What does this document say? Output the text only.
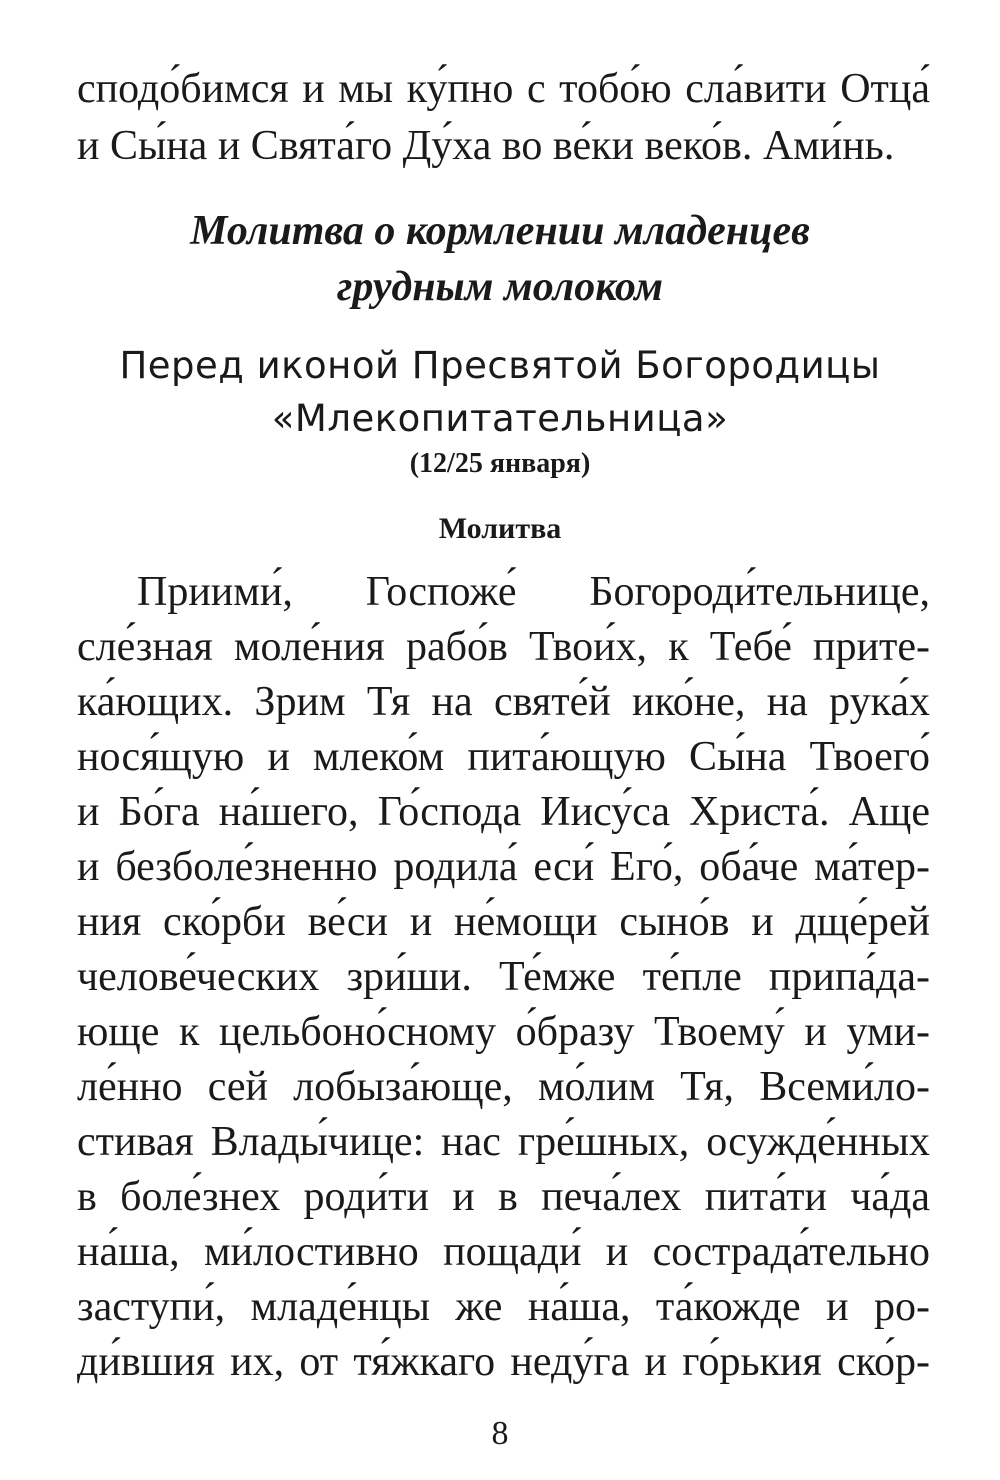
сподо́бимся и мы ку́пно с тобо́ю сла́вити Отца́
и Сы́на и Свята́го Ду́ха во ве́ки веко́в. Ами́нь.
Молитва о кормлении младенцев
грудным молоком
Перед иконой Пресвятой Богородицы
«Млекопитательница»
(12/25 января)
Молитва
Приими́, Госпоже́ Богороди́тельнице,
сле́зная моле́ния рабо́в Твои́х, к Тебе́ прите-
ка́ющих. Зрим Тя на святе́й ико́не, на рука́х
нося́щую и млеко́м пита́ющую Сы́на Твоего́
и Бо́га на́шего, Го́спода Иису́са Христа́. Аще
и безболе́зненно родила́ еси́ Его́, оба́че ма́тер-
ния ско́рби ве́си и не́мощи сыно́в и дще́рей
челове́ческих зри́ши. Те́мже те́пле припа́да-
юще к цельбоно́сному о́бразу Твоему́ и уми-
ле́нно сей лобыза́юще, мо́лим Тя, Всеми́ло-
стивая Влады́чице: нас гре́шных, осужде́нных
в боле́знех роди́ти и в печа́лех пита́ти ча́да
на́ша, ми́лостивно пощади́ и сострада́тельно
заступи́, младе́нцы же на́ша, та́кожде и ро-
ди́вшия их, от тя́жкаго неду́га и го́рькия ско́р-
8
